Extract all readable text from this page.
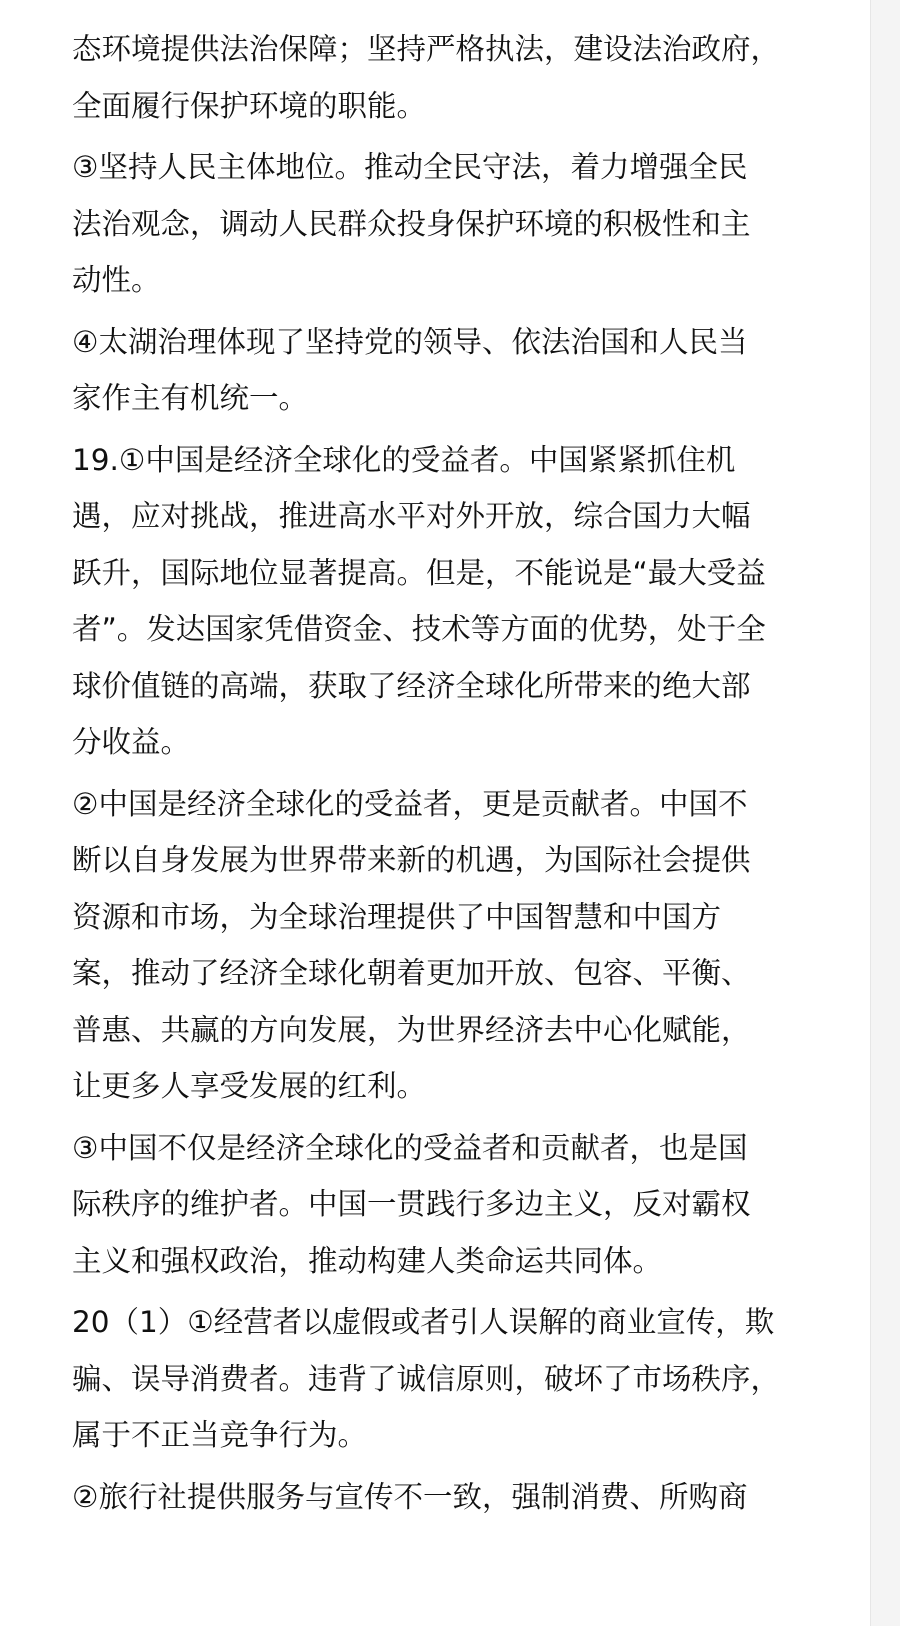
态环境提供法治保障；坚持严格执法，建设法治政府，
全面履行保护环境的职能。
③坚持人民主体地位。推动全民守法，着力增强全民
法治观念，调动人民群众投身保护环境的积极性和主
动性。
④太湖治理体现了坚持党的领导、依法治国和人民当
家作主有机统一。
19.①中国是经济全球化的受益者。中国紧紧抓住机
遇，应对挑战，推进高水平对外开放，综合国力大幅
跃升，国际地位显著提高。但是，不能说是“最大受益
者”。发达国家凭借资金、技术等方面的优势，处于全
球价值链的高端，获取了经济全球化所带来的绝大部
分收益。
②中国是经济全球化的受益者，更是贡献者。中国不
断以自身发展为世界带来新的机遇，为国际社会提供
资源和市场，为全球治理提供了中国智慧和中国方
案，推动了经济全球化朝着更加开放、包容、平衡、
普惠、共赢的方向发展，为世界经济去中心化赋能，
让更多人享受发展的红利。
③中国不仅是经济全球化的受益者和贡献者，也是国
际秩序的维护者。中国一贯践行多边主义，反对霸权
主义和强权政治，推动构建人类命运共同体。
20（1）①经营者以虚假或者引人误解的商业宣传，欺
骗、误导消费者。违背了诚信原则，破坏了市场秩序，
属于不正当竞争行为。
②旅行社提供服务与宣传不一致，强制消费、所购商
